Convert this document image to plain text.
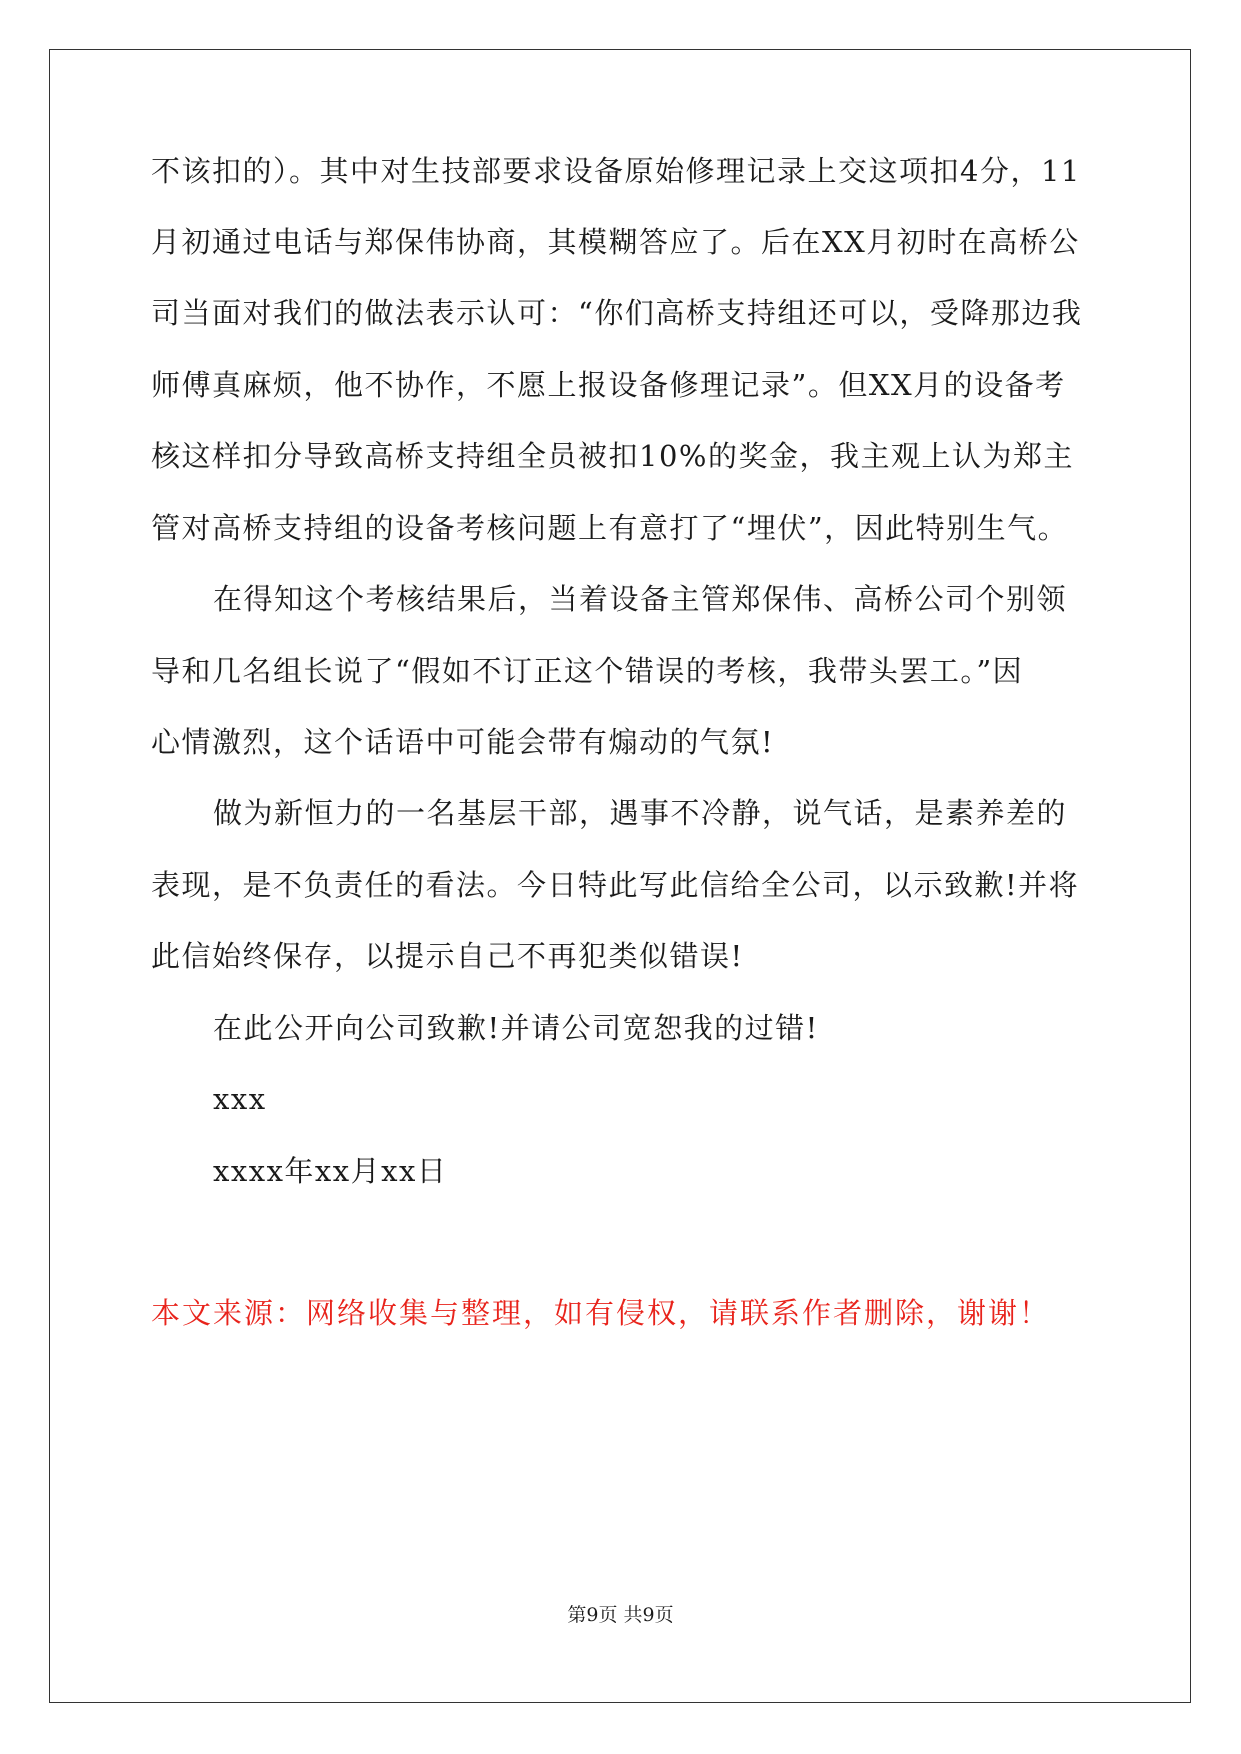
不该扣的）。其中对生技部要求设备原始修理记录上交这项扣4分，11
月初通过电话与郑保伟协商，其模糊答应了。后在XX月初时在高桥公
司当面对我们的做法表示认可：“你们高桥支持组还可以，受降那边我
师傅真麻烦，他不协作，不愿上报设备修理记录”。但XX月的设备考
核这样扣分导致高桥支持组全员被扣10%的奖金，我主观上认为郑主
管对高桥支持组的设备考核问题上有意打了“埋伏”，因此特别生气。
在得知这个考核结果后，当着设备主管郑保伟、高桥公司个别领
导和几名组长说了“假如不订正这个错误的考核，我带头罢工。”因
心情激烈，这个话语中可能会带有煽动的气氛!
做为新恒力的一名基层干部，遇事不冷静，说气话，是素养差的
表现，是不负责任的看法。今日特此写此信给全公司，以示致歉!并将
此信始终保存，以提示自己不再犯类似错误!
在此公开向公司致歉!并请公司宽恕我的过错!
xxx
xxxx年xx月xx日
本文来源：网络收集与整理，如有侵权，请联系作者删除，谢谢！
第9页 共9页
